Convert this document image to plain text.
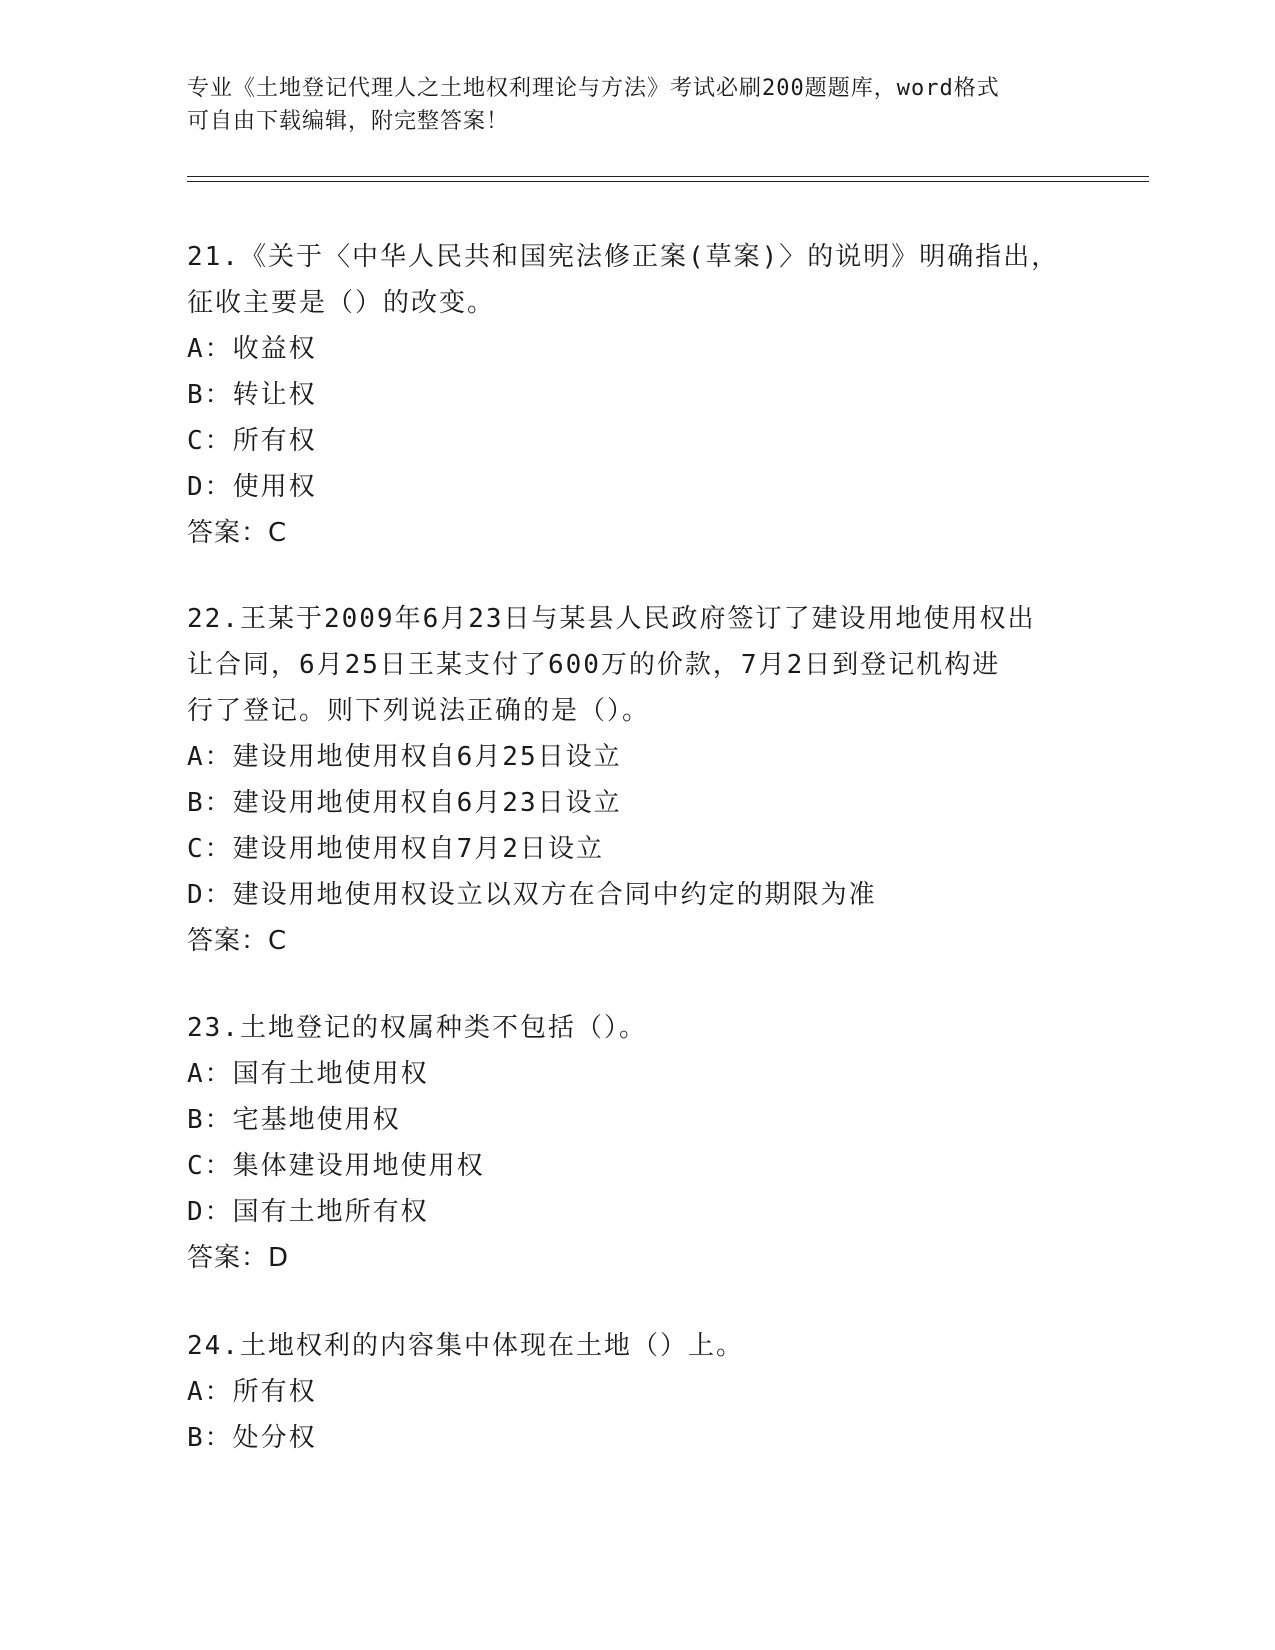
专业《土地登记代理人之土地权利理论与方法》考试必刷200题题库，word格式
可自由下载编辑，附完整答案！

21.《关于〈中华人民共和国宪法修正案(草案)〉的说明》明确指出，

征收主要是（）的改变。

A：收益权

B：转让权

C：所有权

D：使用权

答案：C

22.王某于2009年6月23日与某县人民政府签订了建设用地使用权出

让合同，6月25日王某支付了600万的价款，7月2日到登记机构进

行了登记。则下列说法正确的是（）。

A：建设用地使用权自6月25日设立

B：建设用地使用权自6月23日设立

C：建设用地使用权自7月2日设立

D：建设用地使用权设立以双方在合同中约定的期限为准

答案：C

23.土地登记的权属种类不包括（）。

A：国有土地使用权

B：宅基地使用权

C：集体建设用地使用权

D：国有土地所有权

答案：D

24.土地权利的内容集中体现在土地（）上。

A：所有权

B：处分权
